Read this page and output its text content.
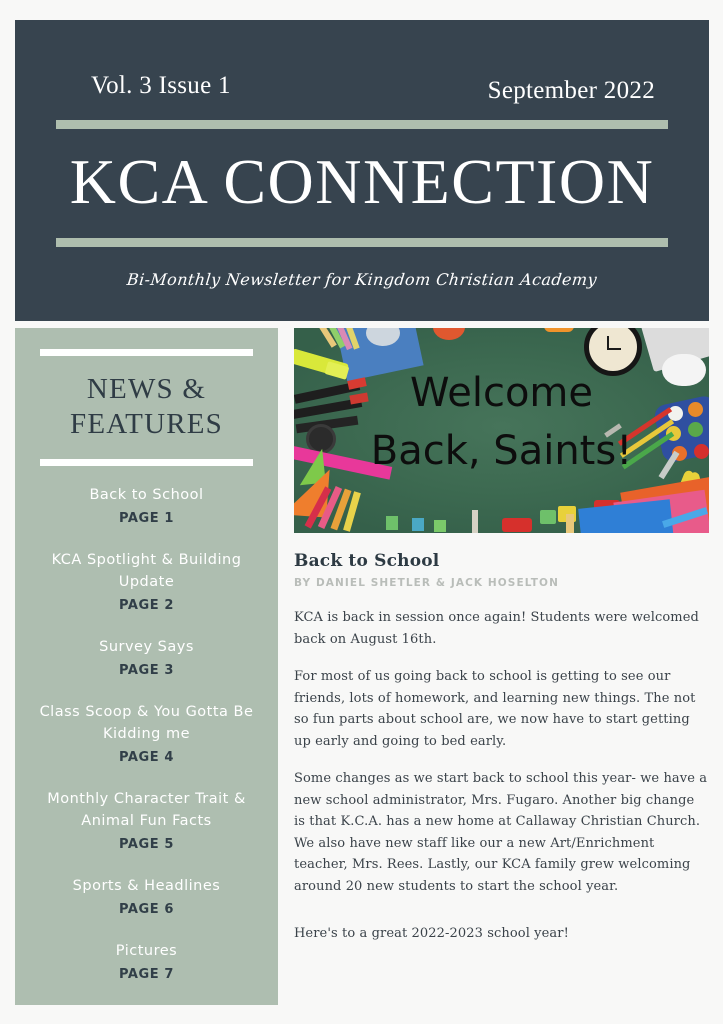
Vol. 3 Issue 1	September 2022
KCA CONNECTION
Bi-Monthly Newsletter for Kingdom Christian Academy
NEWS & FEATURES
Back to School
PAGE 1
KCA Spotlight & Building Update
PAGE 2
Survey Says
PAGE 3
Class Scoop & You Gotta Be Kidding me
PAGE 4
Monthly Character Trait & Animal Fun Facts
PAGE 5
Sports & Headlines
PAGE 6
Pictures
PAGE 7
Welcome
Back, Saints!
Back to School
BY DANIEL SHETLER & JACK HOSELTON

KCA is back in session once again! Students were welcomed back on August 16th.

For most of us going back to school is getting to see our friends, lots of homework, and learning new things. The not so fun parts about school are, we now have to start getting up early and going to bed early.

Some changes as we start back to school this year- we have a new school administrator, Mrs. Fugaro. Another big change is that K.C.A. has a new home at Callaway Christian Church. We also have new staff like our a new Art/Enrichment teacher, Mrs. Rees. Lastly, our KCA family grew welcoming around 20 new students to start the school year.

Here's to a great 2022-2023 school year!
